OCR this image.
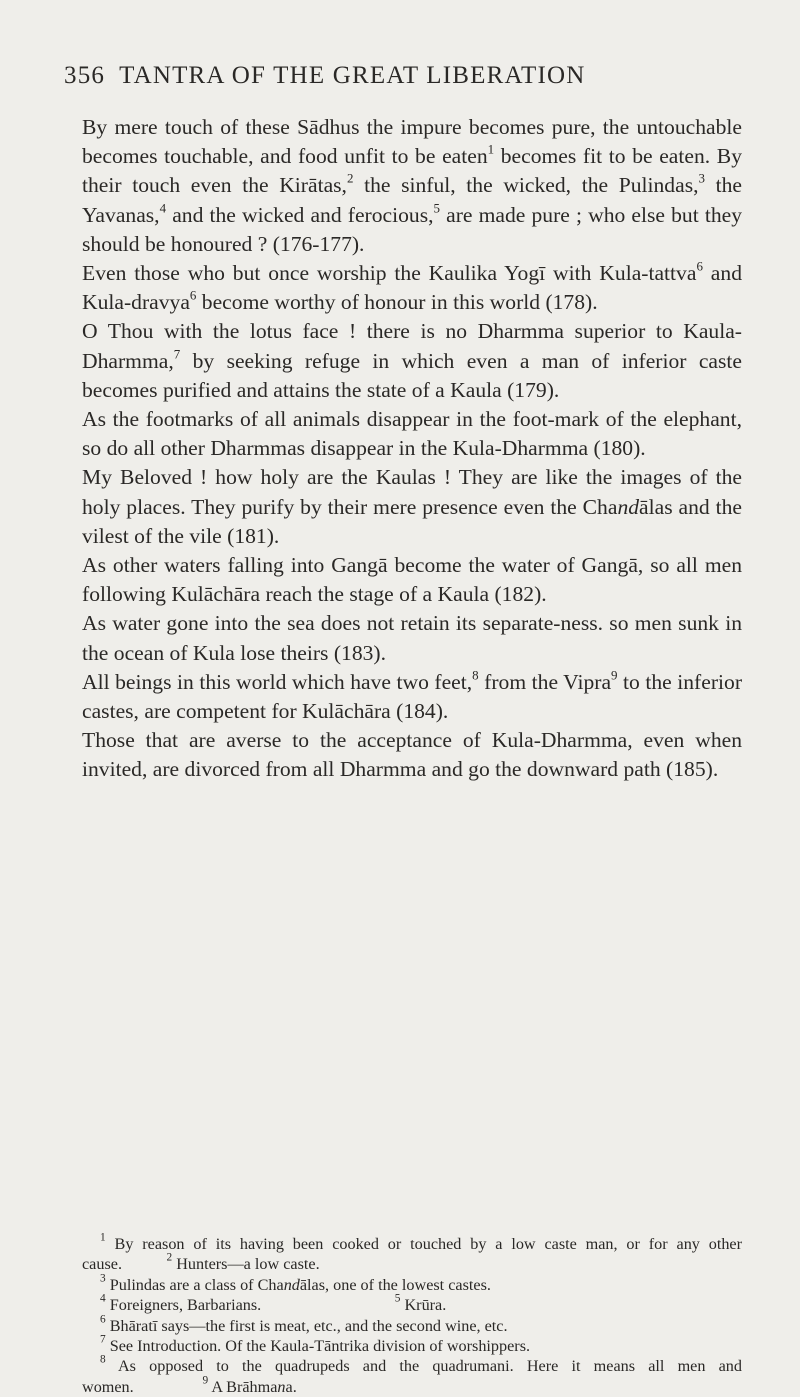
356 TANTRA OF THE GREAT LIBERATION

By mere touch of these Sādhus the impure becomes pure, the untouchable becomes touchable, and food unfit to be eaten$^1$ becomes fit to be eaten. By their touch even the Kirātas,$^2$ the sinful, the wicked, the Pulindas,$^3$ the Yavanas,$^4$ and the wicked and ferocious,$^5$ are made pure ; who else but they should be honoured ? (176-177).

Even those who but once worship the Kaulika Yogī with Kula-tattva$^6$ and Kula-dravya$^6$ become worthy of honour in this world (178).

O Thou with the lotus face ! there is no Dharmma superior to Kaula-Dharmma,$^7$ by seeking refuge in which even a man of inferior caste becomes purified and attains the state of a Kaula (179).

As the footmarks of all animals disappear in the foot-mark of the elephant, so do all other Dharmmas disappear in the Kula-Dharmma (180).

My Beloved ! how holy are the Kaulas ! They are like the images of the holy places. They purify by their mere presence even the Chandālas and the vilest of the vile (181).

As other waters falling into Gangā become the water of Gangā, so all men following Kulāchāra reach the stage of a Kaula (182).

As water gone into the sea does not retain its separate-ness. so men sunk in the ocean of Kula lose theirs (183).

All beings in this world which have two feet,$^8$ from the Vipra$^9$ to the inferior castes, are competent for Kulāchāra (184).

Those that are averse to the acceptance of Kula-Dharmma, even when invited, are divorced from all Dharmma and go the downward path (185).

$^1$ By reason of its having been cooked or touched by a low caste man, or for any other cause.	$^2$ Hunters—a low caste.

$^3$ Pulindas are a class of Chandālas, one of the lowest castes.

$^4$ Foreigners, Barbarians.	$^5$ Krūra.

$^6$ Bhāratī says—the first is meat, etc., and the second wine, etc.

$^7$ See Introduction. Of the Kaula-Tāntrika division of worshippers.

$^8$ As opposed to the quadrupeds and the quadrumani. Here it means all men and women.	$^9$ A Brāhmana.
